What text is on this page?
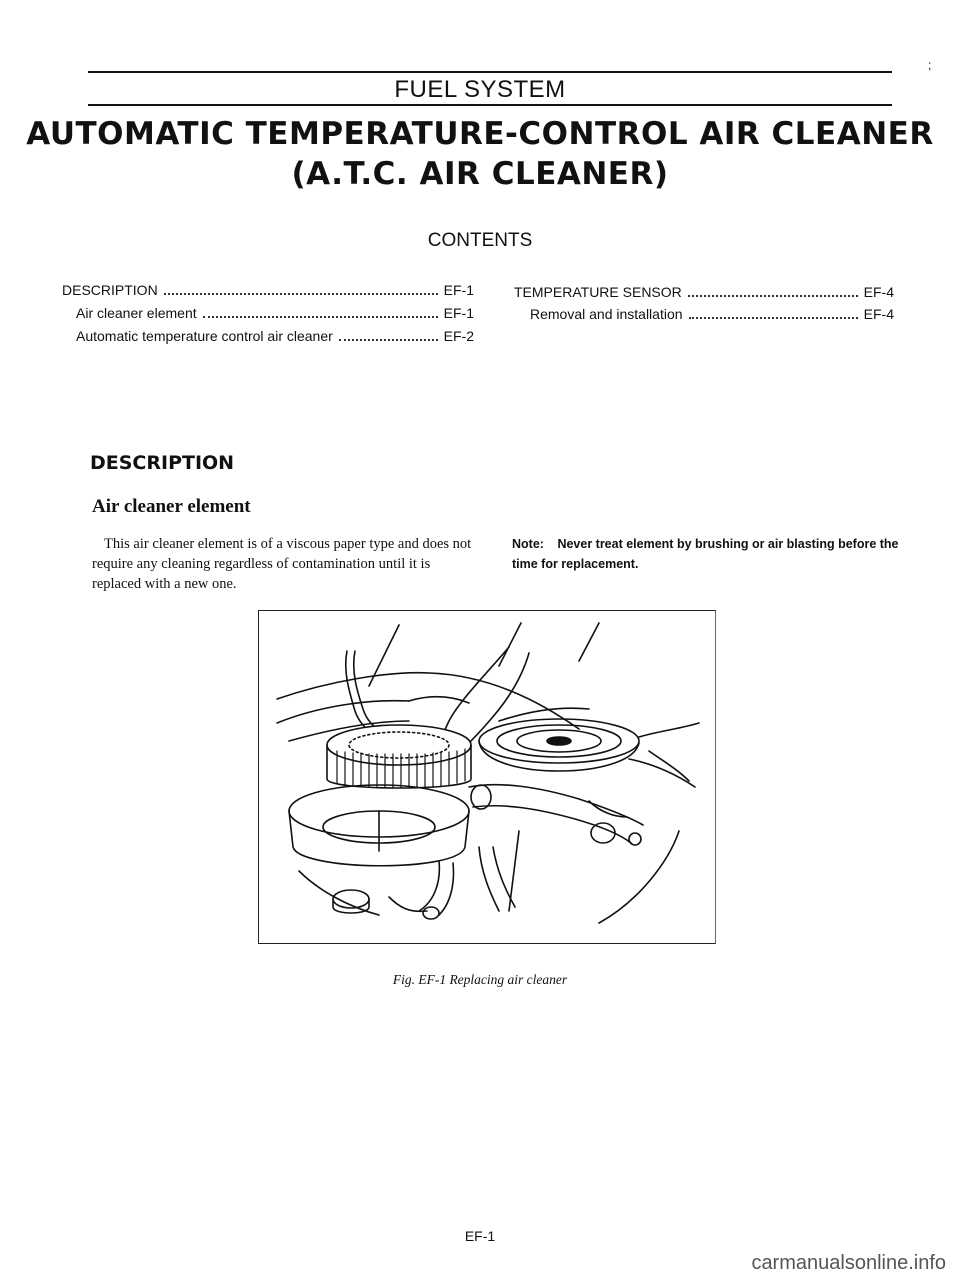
FUEL SYSTEM
;
AUTOMATIC TEMPERATURE-CONTROL AIR CLEANER
(A.T.C. AIR CLEANER)
CONTENTS
DESCRIPTION	EF-1
Air cleaner element	EF-1
Automatic temperature control air cleaner	EF-2
TEMPERATURE SENSOR	EF-4
Removal and installation	EF-4
DESCRIPTION
Air cleaner element
This air cleaner element is of a viscous paper type and does not require any cleaning regardless of contamination until it is replaced with a new one.
Note: Never treat element by brushing or air blasting before the time for replacement.
Fig. EF-1 Replacing air cleaner
EF-1
carmanualsonline.info
